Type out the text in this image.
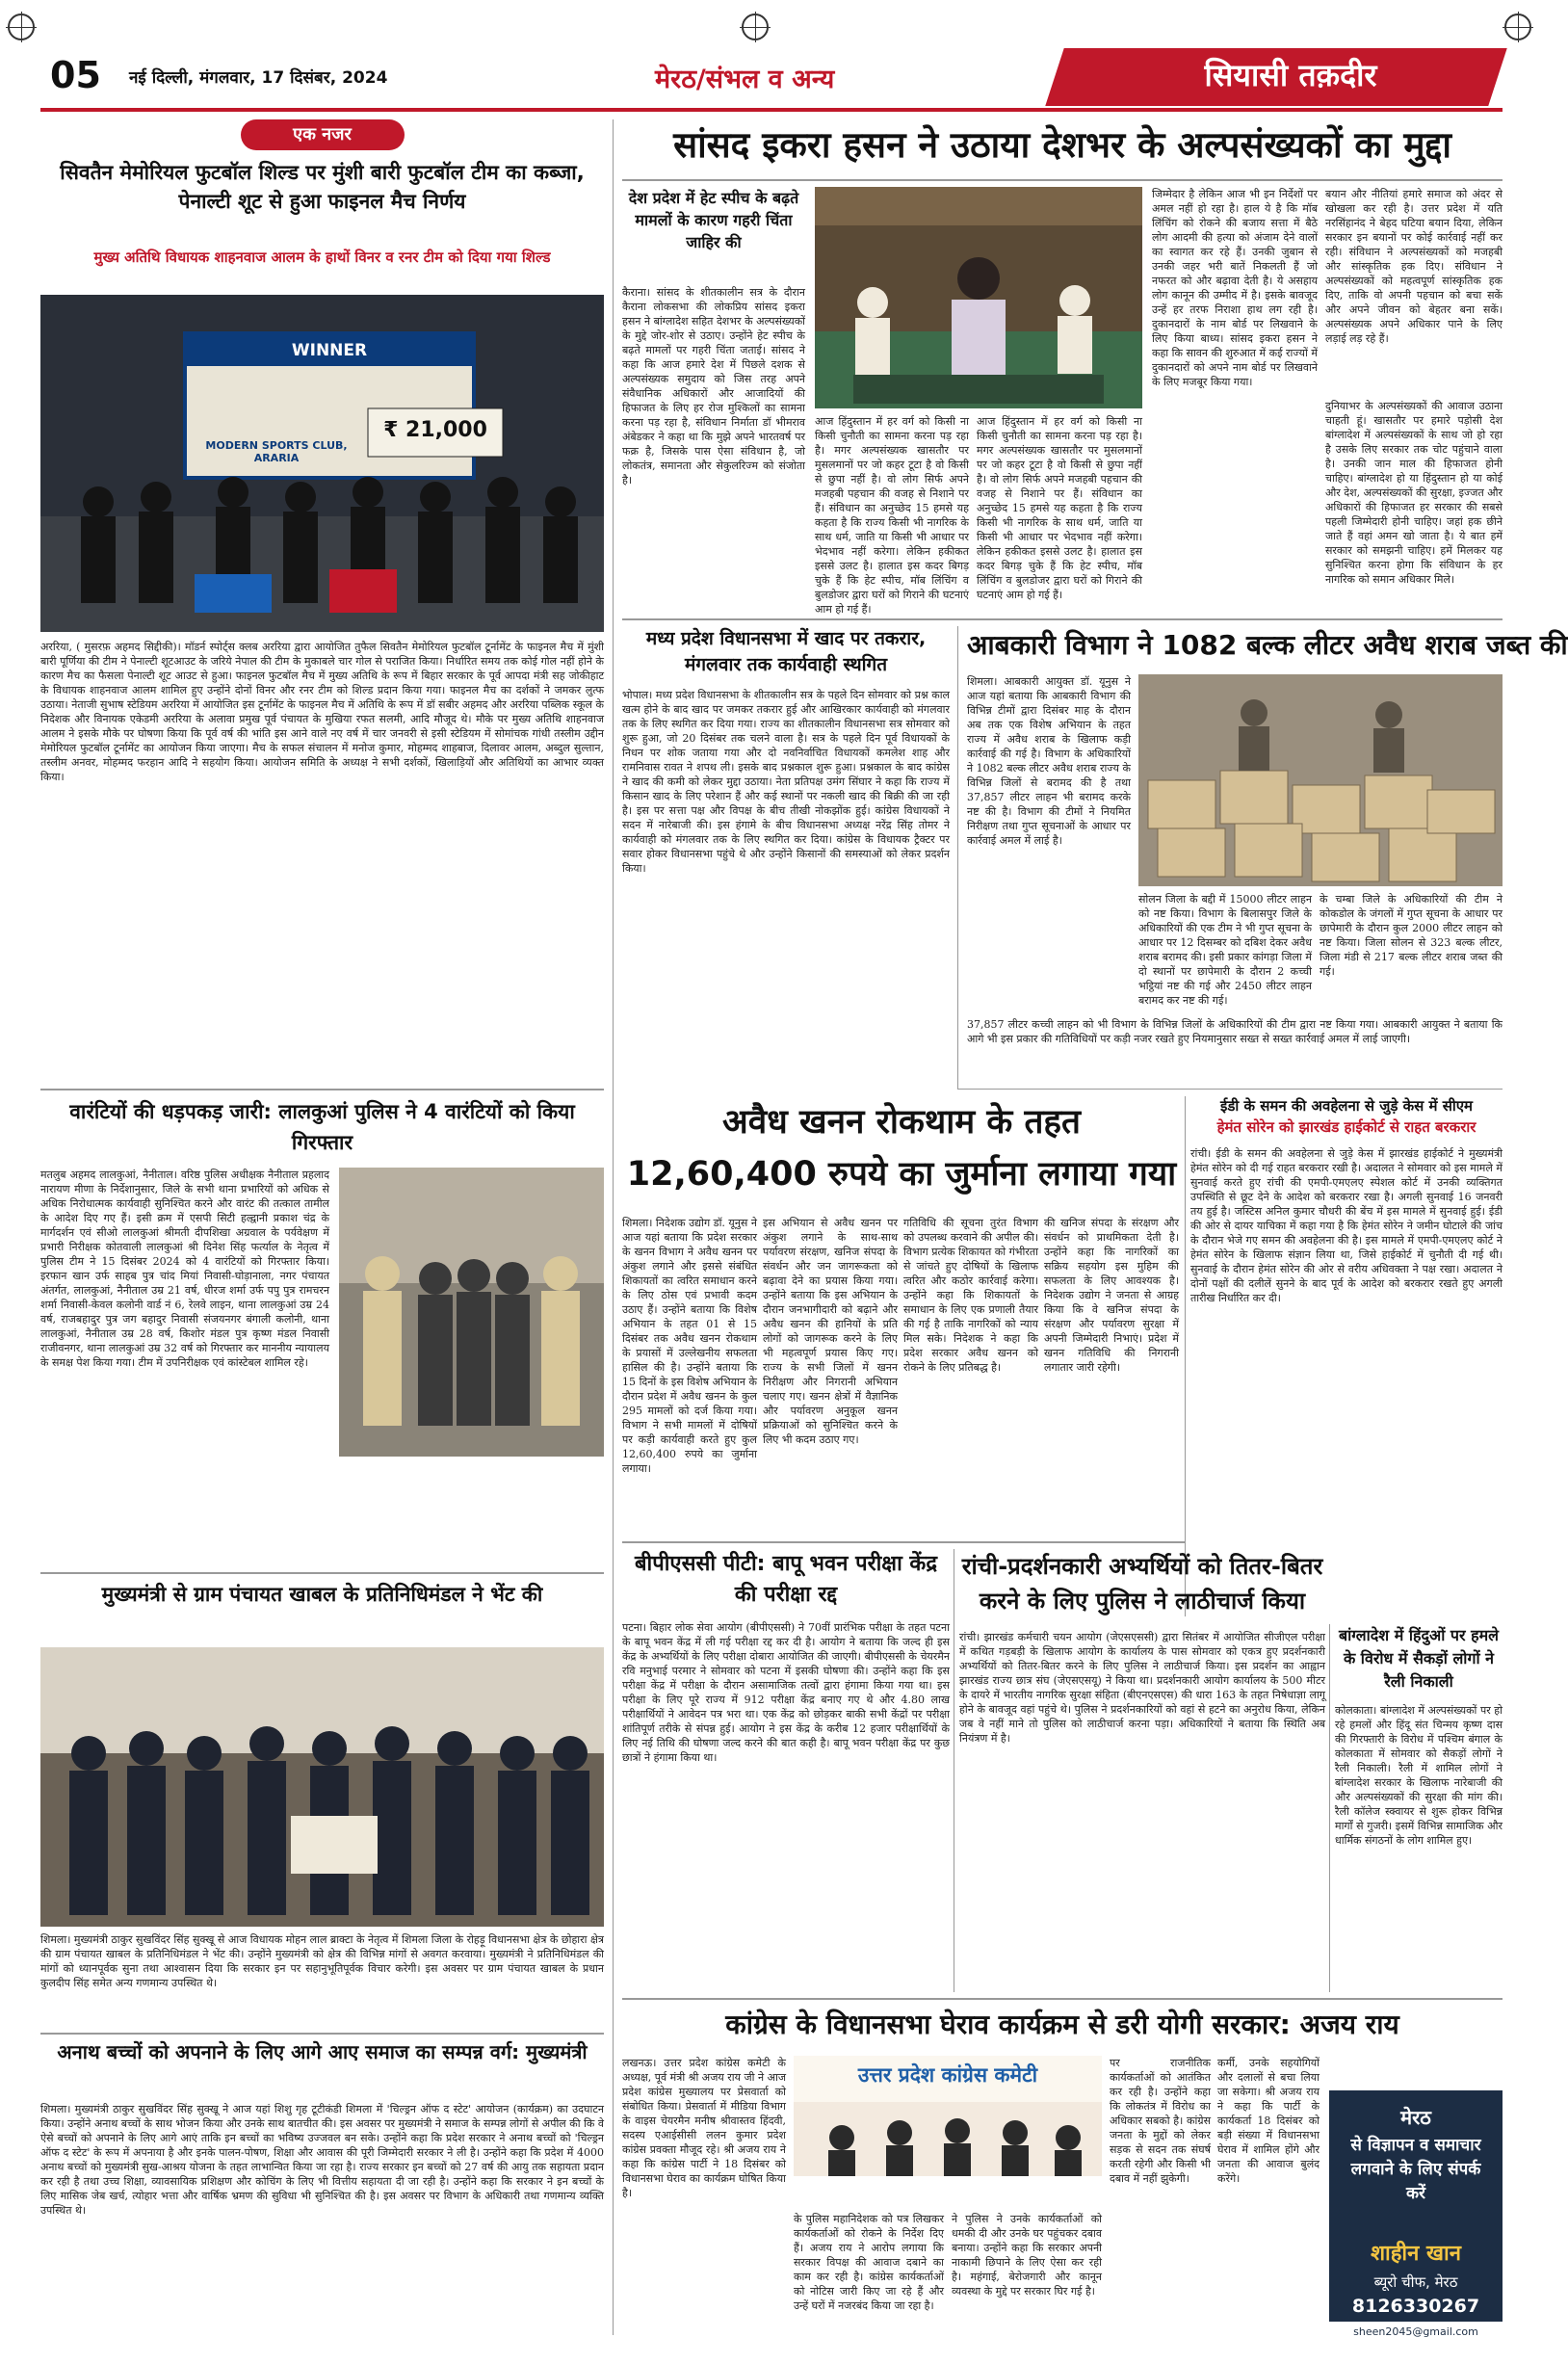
05 नई दिल्ली, मंगलवार, 17 दिसंबर, 2024	मेरठ/संभल व अन्य	सियासी तक़दीर
एक नजर
सिवतैन मेमोरियल फुटबॉल शिल्ड पर मुंशी बारी फुटबॉल टीम का कब्जा, पेनाल्टी शूट से हुआ फाइनल मैच निर्णय
मुख्य अतिथि विधायक शाहनवाज आलम के हाथों विनर व रनर टीम को दिया गया शिल्ड
WINNER
MODERN SPORTS CLUB, ARARIA
₹ 21,000
अररिया, ( मुसरफ़ अहमद सिद्दीकी)। मॉडर्न स्पोर्ट्स क्लब अररिया द्वारा आयोजित तुफैल सिवतैन मेमोरियल फुटबॉल टूर्नामेंट के फाइनल मैच में मुंशी बारी पूर्णिया की टीम ने पेनाल्टी शूटआउट के जरिये नेपाल की टीम के मुकाबले चार गोल से पराजित किया। निर्धारित समय तक कोई गोल नहीं होने के कारण मैच का फैसला पेनाल्टी शूट आउट से हुआ। फाइनल फुटबॉल मैच में मुख्य अतिथि के रूप में बिहार सरकार के पूर्व आपदा मंत्री सह जोकीहाट के विधायक शाहनवाज आलम शामिल हुए उन्होंने दोनों विनर और रनर टीम को शिल्ड प्रदान किया गया। फाइनल मैच का दर्शकों ने जमकर लुत्फ उठाया। नेताजी सुभाष स्टेडियम अररिया में आयोजित इस टूर्नामेंट के फाइनल मैच में अतिथि के रूप में डॉ सबीर अहमद और अररिया पब्लिक स्कूल के निदेशक और विनायक एकेडमी अररिया के अलावा प्रमुख पूर्व पंचायत के मुखिया रफत सलमी, आदि मौजूद थे। मौके पर मुख्य अतिथि शाहनवाज आलम ने इसके मौके पर घोषणा किया कि पूर्व वर्ष की भांति इस आने वाले नए वर्ष में चार जनवरी से इसी स्टेडियम में सोमांचक गांधी तस्लीम उद्दीन मेमोरियल फुटबॉल टूर्नामेंट का आयोजन किया जाएगा। मैच के सफल संचालन में मनोज कुमार, मोहम्मद शाहबाज, दिलावर आलम, अब्दुल सुल्तान, तस्लीम अनवर, मोहम्मद फरहान आदि ने सहयोग किया। आयोजन समिति के अध्यक्ष ने सभी दर्शकों, खिलाड़ियों और अतिथियों का आभार व्यक्त किया।
वारंटियों की धड़पकड़ जारी: लालकुआं पुलिस ने 4 वारंटियों को किया गिरफ्तार
मतलुब अहमद लालकुआं, नैनीताल। वरिष्ठ पुलिस अधीक्षक नैनीताल प्रहलाद नारायण मीणा के निर्देशानुसार, जिले के सभी थाना प्रभारियों को अधिक से अधिक निरोधात्मक कार्यवाही सुनिश्चित करने और वारंट की तत्‍काल तामील के आदेश दिए गए हैं। इसी क्रम में एसपी सिटी हल्द्वानी प्रकाश चंद्र के मार्गदर्शन एवं सीओ लालकुआं श्रीमती दीपशिखा अग्रवाल के पर्यवेक्षण में प्रभारी निरीक्षक कोतवाली लालकुआं श्री दिनेश सिंह फर्त्याल के नेतृत्व में पुलिस टीम ने 15 दिसंबर 2024 को 4 वारंटियों को गिरफ्तार किया। इरफान खान उर्फ साहब पुत्र चांद मियां निवासी-घोड़ानाला, नगर पंचायत अंतर्गत, लालकुआं, नैनीताल उम्र 21 वर्ष, धीरज शर्मा उर्फ पपु पुत्र रामचरन शर्मा निवासी-केवल कलोनी वार्ड नं 6, रेलवे लाइन, थाना लालकुआं उम्र 24 वर्ष, राजबहादुर पुत्र जग बहादुर निवासी संजयनगर बंगाली कलोनी, थाना लालकुआं, नैनीताल उम्र 28 वर्ष, किशोर मंडल पुत्र कृष्ण मंडल निवासी राजीवनगर, थाना लालकुआं उम्र 32 वर्ष को गिरफ्तार कर माननीय न्यायालय के समक्ष पेश किया गया। टीम में उपनिरीक्षक एवं कांस्टेबल शामिल रहे।
मुख्यमंत्री से ग्राम पंचायत खाबल के प्रतिनिधिमंडल ने भेंट की
शिमला। मुख्यमंत्री ठाकुर सुखविंदर सिंह सुक्खू से आज विधायक मोहन लाल ब्राक्टा के नेतृत्व में शिमला जिला के रोहड़ू विधानसभा क्षेत्र के छोहारा क्षेत्र की ग्राम पंचायत खाबल के प्रतिनिधिमंडल ने भेंट की। उन्होंने मुख्यमंत्री को क्षेत्र की विभिन्न मांगों से अवगत करवाया। मुख्यमंत्री ने प्रतिनिधिमंडल की मांगों को ध्यानपूर्वक सुना तथा आश्वासन दिया कि सरकार इन पर सहानुभूतिपूर्वक विचार करेगी। इस अवसर पर ग्राम पंचायत खाबल के प्रधान कुलदीप सिंह समेत अन्य गणमान्य उपस्थित थे।
अनाथ बच्चों को अपनाने के लिए आगे आए समाज का सम्पन्न वर्ग: मुख्यमंत्री
शिमला। मुख्यमंत्री ठाकुर सुखविंदर सिंह सुक्खू ने आज यहां शिशु गृह टूटीकंडी शिमला में 'चिल्ड्रन ऑफ द स्टेट' आयोजन (कार्यक्रम) का उदघाटन किया। उन्होंने अनाथ बच्चों के साथ भोजन किया और उनके साथ बातचीत की। इस अवसर पर मुख्यमंत्री ने समाज के सम्पन्न लोगों से अपील की कि वे ऐसे बच्चों को अपनाने के लिए आगे आएं ताकि इन बच्चों का भविष्य उज्जवल बन सके। उन्होंने कहा कि प्रदेश सरकार ने अनाथ बच्चों को 'चिल्ड्रन ऑफ द स्टेट' के रूप में अपनाया है और इनके पालन-पोषण, शिक्षा और आवास की पूरी जिम्मेदारी सरकार ने ली है। उन्होंने कहा कि प्रदेश में 4000 अनाथ बच्चों को मुख्यमंत्री सुख-आश्रय योजना के तहत लाभान्वित किया जा रहा है। राज्य सरकार इन बच्चों को 27 वर्ष की आयु तक सहायता प्रदान कर रही है तथा उच्च शिक्षा, व्यावसायिक प्रशिक्षण और कोचिंग के लिए भी वित्तीय सहायता दी जा रही है। उन्होंने कहा कि सरकार ने इन बच्चों के लिए मासिक जेब खर्च, त्योहार भत्ता और वार्षिक भ्रमण की सुविधा भी सुनिश्चित की है। इस अवसर पर विभाग के अधिकारी तथा गणमान्य व्यक्ति उपस्थित थे।
सांसद इकरा हसन ने उठाया देशभर के अल्पसंख्यकों का मुद्दा
देश प्रदेश में हेट स्पीच के बढ़ते मामलों के कारण गहरी चिंता जाहिर की
कैराना। सांसद के शीतकालीन सत्र के दौरान कैराना लोकसभा की लोकप्रिय सांसद इकरा हसन ने बांग्लादेश सहित देशभर के अल्पसंख्यकों के मुद्दे जोर-शोर से उठाए। उन्होंने हेट स्पीच के बढ़ते मामलों पर गहरी चिंता जताई। सांसद ने कहा कि आज हमारे देश में पिछले दशक से अल्पसंख्यक समुदाय को जिस तरह अपने संवैधानिक अधिकारों और आजादियों की हिफाजत के लिए हर रोज मुश्किलों का सामना करना पड़ रहा है, संविधान निर्माता डॉ भीमराव अंबेडकर ने कहा था कि मुझे अपने भारतवर्ष पर फक्र है, जिसके पास ऐसा संविधान है, जो लोकतंत्र, समानता और सेकुलरिज्म को संजोता है।
आज हिंदुस्तान में हर वर्ग को किसी ना किसी चुनौती का सामना करना पड़ रहा है। मगर अल्पसंख्यक खासतौर पर मुसलमानों पर जो कहर टूटा है वो किसी से छुपा नहीं है। वो लोग सिर्फ अपने मजहबी पहचान की वजह से निशाने पर हैं। संविधान का अनुच्छेद 15 हमसे यह कहता है कि राज्य किसी भी नागरिक के साथ धर्म, जाति या किसी भी आधार पर भेदभाव नहीं करेगा। लेकिन हकीकत इससे उलट है। हालात इस कदर बिगड़ चुके हैं कि हेट स्पीच, मॉब लिंचिंग व बुलडोजर द्वारा घरों को गिराने की घटनाएं आम हो गई हैं।
आज हिंदुस्तान में हर वर्ग को किसी ना किसी चुनौती का सामना करना पड़ रहा है। मगर अल्पसंख्यक खासतौर पर मुसलमानों पर जो कहर टूटा है वो किसी से छुपा नहीं है। वो लोग सिर्फ अपने मजहबी पहचान की वजह से निशाने पर हैं। संविधान का अनुच्छेद 15 हमसे यह कहता है कि राज्य किसी भी नागरिक के साथ धर्म, जाति या किसी भी आधार पर भेदभाव नहीं करेगा। लेकिन हकीकत इससे उलट है। हालात इस कदर बिगड़ चुके हैं कि हेट स्पीच, मॉब लिंचिंग व बुलडोजर द्वारा घरों को गिराने की घटनाएं आम हो गई हैं।
जिम्मेदार है लेकिन आज भी इन निर्देशों पर अमल नहीं हो रहा है। हाल ये है कि मॉब लिंचिंग को रोकने की बजाय सत्ता में बैठे लोग आदमी की हत्या को अंजाम देने वालों का स्वागत कर रहे हैं। उनकी जुबान से उनकी जहर भरी बातें निकलती हैं जो नफरत को और बढ़ावा देती है। ये असहाय लोग कानून की उम्मीद में है। इसके बावजूद उन्हें हर तरफ निराशा हाथ लग रही है। दुकानदारों के नाम बोर्ड पर लिखवाने के लिए किया बाध्य। सांसद इकरा हसन ने कहा कि सावन की शुरुआत में कई राज्यों में दुकानदारों को अपने नाम बोर्ड पर लिखवाने के लिए मजबूर किया गया।
बयान और नीतियां हमारे समाज को अंदर से खोखला कर रही है। उत्तर प्रदेश में यति नरसिंहानंद ने बेहद घटिया बयान दिया, लेकिन सरकार इन बयानों पर कोई कार्रवाई नहीं कर रही। संविधान ने अल्पसंख्यकों को मजहबी और सांस्कृतिक हक दिए। संविधान ने अल्पसंख्यकों को महत्वपूर्ण सांस्कृतिक हक दिए, ताकि वो अपनी पहचान को बचा सकें और अपने जीवन को बेहतर बना सकें। अल्पसंख्यक अपने अधिकार पाने के लिए लड़ाई लड़ रहे हैं।
दुनियाभर के अल्पसंख्यकों की आवाज उठाना चाहती हूं। खासतौर पर हमारे पड़ोसी देश बांग्लादेश में अल्पसंख्यकों के साथ जो हो रहा है उसके लिए सरकार तक चोट पहुंचाने वाला है। उनकी जान माल की हिफाजत होनी चाहिए। बांग्लादेश हो या हिंदुस्तान हो या कोई और देश, अल्पसंख्यकों की सुरक्षा, इज्जत और अधिकारों की हिफाजत हर सरकार की सबसे पहली जिम्मेदारी होनी चाहिए। जहां हक छीने जाते हैं वहां अमन खो जाता है। ये बात हमें सरकार को समझनी चाहिए। हमें मिलकर यह सुनिश्चित करना होगा कि संविधान के हर नागरिक को समान अधिकार मिले।
मध्य प्रदेश विधानसभा में खाद पर तकरार, मंगलवार तक कार्यवाही स्थगित
भोपाल। मध्य प्रदेश विधानसभा के शीतकालीन सत्र के पहले दिन सोमवार को प्रश्न काल खत्म होने के बाद खाद पर जमकर तकरार हुई और आखिरकार कार्यवाही को मंगलवार तक के लिए स्थगित कर दिया गया। राज्य का शीतकालीन विधानसभा सत्र सोमवार को शुरू हुआ, जो 20 दिसंबर तक चलने वाला है। सत्र के पहले दिन पूर्व विधायकों के निधन पर शोक जताया गया और दो नवनिर्वाचित विधायकों कमलेश शाह और रामनिवास रावत ने शपथ ली। इसके बाद प्रश्नकाल शुरू हुआ। प्रश्नकाल के बाद कांग्रेस ने खाद की कमी को लेकर मुद्दा उठाया। नेता प्रतिपक्ष उमंग सिंघार ने कहा कि राज्य में किसान खाद के लिए परेशान हैं और कई स्थानों पर नकली खाद की बिक्री की जा रही है। इस पर सत्ता पक्ष और विपक्ष के बीच तीखी नोकझोंक हुई। कांग्रेस विधायकों ने सदन में नारेबाजी की। इस हंगामे के बीच विधानसभा अध्यक्ष नरेंद्र सिंह तोमर ने कार्यवाही को मंगलवार तक के लिए स्थगित कर दिया। कांग्रेस के विधायक ट्रैक्टर पर सवार होकर विधानसभा पहुंचे थे और उन्होंने किसानों की समस्याओं को लेकर प्रदर्शन किया।
आबकारी विभाग ने 1082 बल्क लीटर अवैध शराब जब्त की
शिमला। आबकारी आयुक्त डॉ. यूनुस ने आज यहां बताया कि आबकारी विभाग की विभिन्न टीमों द्वारा दिसंबर माह के दौरान अब तक एक विशेष अभियान के तहत राज्य में अवैध शराब के खिलाफ कड़ी कार्रवाई की गई है। विभाग के अधिकारियों ने 1082 बल्क लीटर अवैध शराब राज्य के विभिन्न जिलों से बरामद की है तथा 37,857 लीटर लाहन भी बरामद करके नष्ट की है। विभाग की टीमों ने नियमित निरीक्षण तथा गुप्त सूचनाओं के आधार पर कार्रवाई अमल में लाई है।
सोलन जिला के बद्दी में 15000 लीटर लाहन को नष्ट किया। विभाग के बिलासपुर जिले के अधिकारियों की एक टीम ने भी गुप्त सूचना के आधार पर 12 दिसम्बर को दबिश देकर अवैध शराब बरामद की। इसी प्रकार कांगड़ा जिला में दो स्थानों पर छापेमारी के दौरान 2 कच्ची भट्ठियां नष्ट की गई और 2450 लीटर लाहन बरामद कर नष्ट की गई।
के चम्बा जिले के अधिकारियों की टीम ने कोकडोल के जंगलों में गुप्त सूचना के आधार पर छापेमारी के दौरान कुल 2000 लीटर लाहन को नष्ट किया। जिला सोलन से 323 बल्क लीटर, जिला मंडी से 217 बल्क लीटर शराब जब्त की गई।
37,857 लीटर कच्ची लाहन को भी विभाग के विभिन्न जिलों के अधिकारियों की टीम द्वारा नष्ट किया गया। आबकारी आयुक्त ने बताया कि आगे भी इस प्रकार की गतिविधियों पर कड़ी नजर रखते हुए नियमानुसार सख्त से सख्त कार्रवाई अमल में लाई जाएगी।
अवैध खनन रोकथाम के तहत 12,60,400 रुपये का जुर्माना लगाया गया
ईडी के समन की अवहेलना से जुड़े केस में सीएम
हेमंत सोरेन को झारखंड हाईकोर्ट से राहत बरकरार
रांची। ईडी के समन की अवहेलना से जुड़े केस में झारखंड हाईकोर्ट ने मुख्यमंत्री हेमंत सोरेन को दी गई राहत बरकरार रखी है। अदालत ने सोमवार को इस मामले में सुनवाई करते हुए रांची की एमपी-एमएलए स्पेशल कोर्ट में उनकी व्यक्तिगत उपस्थिति से छूट देने के आदेश को बरकरार रखा है। अगली सुनवाई 16 जनवरी तय हुई है। जस्टिस अनिल कुमार चौधरी की बेंच में इस मामले में सुनवाई हुई। ईडी की ओर से दायर याचिका में कहा गया है कि हेमंत सोरेन ने जमीन घोटाले की जांच के दौरान भेजे गए समन की अवहेलना की है। इस मामले में एमपी-एमएलए कोर्ट ने हेमंत सोरेन के खिलाफ संज्ञान लिया था, जिसे हाईकोर्ट में चुनौती दी गई थी। सुनवाई के दौरान हेमंत सोरेन की ओर से वरीय अधिवक्ता ने पक्ष रखा। अदालत ने दोनों पक्षों की दलीलें सुनने के बाद पूर्व के आदेश को बरकरार रखते हुए अगली तारीख निर्धारित कर दी।
शिमला। निदेशक उद्योग डॉ. यूनुस ने आज यहां बताया कि प्रदेश सरकार के खनन विभाग ने अवैध खनन पर अंकुश लगाने और इससे संबंधित शिकायतों का त्वरित समाधान करने के लिए ठोस एवं प्रभावी कदम उठाए हैं। उन्होंने बताया कि विशेष अभियान के तहत 01 से 15 दिसंबर तक अवैध खनन रोकथाम के प्रयासों में उल्लेखनीय सफलता हासिल की है। उन्होंने बताया कि 15 दिनों के इस विशेष अभियान के दौरान प्रदेश में अवैध खनन के कुल 295 मामलों को दर्ज किया गया। विभाग ने सभी मामलों में दोषियों पर कड़ी कार्यवाही करते हुए कुल 12,60,400 रुपये का जुर्माना लगाया।
इस अभियान से अवैध खनन पर अंकुश लगाने के साथ-साथ पर्यावरण संरक्षण, खनिज संपदा के संवर्धन और जन जागरूकता को बढ़ावा देने का प्रयास किया गया। उन्होंने बताया कि इस अभियान के दौरान जनभागीदारी को बढ़ाने और अवैध खनन की हानियों के प्रति लोगों को जागरूक करने के लिए भी महत्वपूर्ण प्रयास किए गए। राज्य के सभी जिलों में खनन निरीक्षण और निगरानी अभियान चलाए गए। खनन क्षेत्रों में वैज्ञानिक और पर्यावरण अनुकूल खनन प्रक्रियाओं को सुनिश्चित करने के लिए भी कदम उठाए गए।
गतिविधि की सूचना तुरंत विभाग को उपलब्ध करवाने की अपील की। विभाग प्रत्येक शिकायत को गंभीरता से जांचते हुए दोषियों के खिलाफ त्वरित और कठोर कार्रवाई करेगा। उन्होंने कहा कि शिकायतों के समाधान के लिए एक प्रणाली तैयार की गई है ताकि नागरिकों को न्याय मिल सके। निदेशक ने कहा कि प्रदेश सरकार अवैध खनन को रोकने के लिए प्रतिबद्ध है।
की खनिज संपदा के संरक्षण और संवर्धन को प्राथमिकता देती है। उन्होंने कहा कि नागरिकों का सक्रिय सहयोग इस मुहिम की सफलता के लिए आवश्यक है। निदेशक उद्योग ने जनता से आग्रह किया कि वे खनिज संपदा के संरक्षण और पर्यावरण सुरक्षा में अपनी जिम्मेदारी निभाएं। प्रदेश में खनन गतिविधि की निगरानी लगातार जारी रहेगी।
बीपीएससी पीटी: बापू भवन परीक्षा केंद्र की परीक्षा रद्द
पटना। बिहार लोक सेवा आयोग (बीपीएससी) ने 70वीं प्रारंभिक परीक्षा के तहत पटना के बापू भवन केंद्र में ली गई परीक्षा रद्द कर दी है। आयोग ने बताया कि जल्द ही इस केंद्र के अभ्यर्थियों के लिए परीक्षा दोबारा आयोजित की जाएगी। बीपीएससी के चेयरमैन रवि मनुभाई परमार ने सोमवार को पटना में इसकी घोषणा की। उन्होंने कहा कि इस परीक्षा केंद्र में परीक्षा के दौरान असामाजिक तत्वों द्वारा हंगामा किया गया था। इस परीक्षा के लिए पूरे राज्य में 912 परीक्षा केंद्र बनाए गए थे और 4.80 लाख परीक्षार्थियों ने आवेदन पत्र भरा था। एक केंद्र को छोड़कर बाकी सभी केंद्रों पर परीक्षा शांतिपूर्ण तरीके से संपन्न हुई। आयोग ने इस केंद्र के करीब 12 हजार परीक्षार्थियों के लिए नई तिथि की घोषणा जल्द करने की बात कही है। बापू भवन परीक्षा केंद्र पर कुछ छात्रों ने हंगामा किया था।
रांची-प्रदर्शनकारी अभ्यर्थियों को तितर-बितर करने के लिए पुलिस ने लाठीचार्ज किया
रांची। झारखंड कर्मचारी चयन आयोग (जेएसएससी) द्वारा सितंबर में आयोजित सीजीएल परीक्षा में कथित गड़बड़ी के खिलाफ आयोग के कार्यालय के पास सोमवार को एकत्र हुए प्रदर्शनकारी अभ्यर्थियों को तितर-बितर करने के लिए पुलिस ने लाठीचार्ज किया। इस प्रदर्शन का आह्वान झारखंड राज्य छात्र संघ (जेएसएसयू) ने किया था। प्रदर्शनकारी आयोग कार्यालय के 500 मीटर के दायरे में भारतीय नागरिक सुरक्षा संहिता (बीएनएसएस) की धारा 163 के तहत निषेधाज्ञा लागू होने के बावजूद वहां पहुंचे थे। पुलिस ने प्रदर्शनकारियों को वहां से हटने का अनुरोध किया, लेकिन जब वे नहीं माने तो पुलिस को लाठीचार्ज करना पड़ा। अधिकारियों ने बताया कि स्थिति अब नियंत्रण में है।
बांग्लादेश में हिंदुओं पर हमले के विरोध में सैकड़ों लोगों ने रैली निकाली
कोलकाता। बांग्लादेश में अल्पसंख्यकों पर हो रहे हमलों और हिंदू संत चिन्मय कृष्ण दास की गिरफ्तारी के विरोध में पश्चिम बंगाल के कोलकाता में सोमवार को सैकड़ों लोगों ने रैली निकाली। रैली में शामिल लोगों ने बांग्लादेश सरकार के खिलाफ नारेबाजी की और अल्पसंख्यकों की सुरक्षा की मांग की। रैली कॉलेज स्क्वायर से शुरू होकर विभिन्न मार्गों से गुजरी। इसमें विभिन्न सामाजिक और धार्मिक संगठनों के लोग शामिल हुए।
कांग्रेस के विधानसभा घेराव कार्यक्रम से डरी योगी सरकार: अजय राय
लखनऊ। उत्तर प्रदेश कांग्रेस कमेटी के अध्यक्ष, पूर्व मंत्री श्री अजय राय जी ने आज प्रदेश कांग्रेस मुख्यालय पर प्रेसवार्ता को संबोधित किया। प्रेसवार्ता में मीडिया विभाग के वाइस चेयरमैन मनीष श्रीवास्तव हिंदवी, सदस्य एआईसीसी ललन कुमार प्रदेश कांग्रेस प्रवक्ता मौजूद रहे। श्री अजय राय ने कहा कि कांग्रेस पार्टी ने 18 दिसंबर को विधानसभा घेराव का कार्यक्रम घोषित किया है।
उत्तर प्रदेश कांग्रेस कमेटी
के पुलिस महानिदेशक को पत्र लिखकर कार्यकर्ताओं को रोकने के निर्देश दिए हैं। अजय राय ने आरोप लगाया कि सरकार विपक्ष की आवाज दबाने का काम कर रही है। कांग्रेस कार्यकर्ताओं को नोटिस जारी किए जा रहे हैं और उन्हें घरों में नजरबंद किया जा रहा है।
ने पुलिस ने उनके कार्यकर्ताओं को धमकी दी और उनके घर पहुंचकर दबाव बनाया। उन्होंने कहा कि सरकार अपनी नाकामी छिपाने के लिए ऐसा कर रही है। महंगाई, बेरोजगारी और कानून व्यवस्था के मुद्दे पर सरकार घिर गई है।
पर राजनीतिक कार्यकर्ताओं को आतंकित कर रही है। उन्होंने कहा कि लोकतंत्र में विरोध का अधिकार सबको है। कांग्रेस जनता के मुद्दों को लेकर सड़क से सदन तक संघर्ष करती रहेगी और किसी भी दबाव में नहीं झुकेगी।
कर्मी, उनके सहयोगियों और दलालों से बचा लिया जा सकेगा। श्री अजय राय ने कहा कि पार्टी के कार्यकर्ता 18 दिसंबर को बड़ी संख्या में विधानसभा घेराव में शामिल होंगे और जनता की आवाज बुलंद करेंगे।
मेरठ
से विज्ञापन व समाचार लगवाने के लिए संपर्क करें
शाहीन खान
ब्यूरो चीफ, मेरठ
8126330267
sheen2045@gmail.com
